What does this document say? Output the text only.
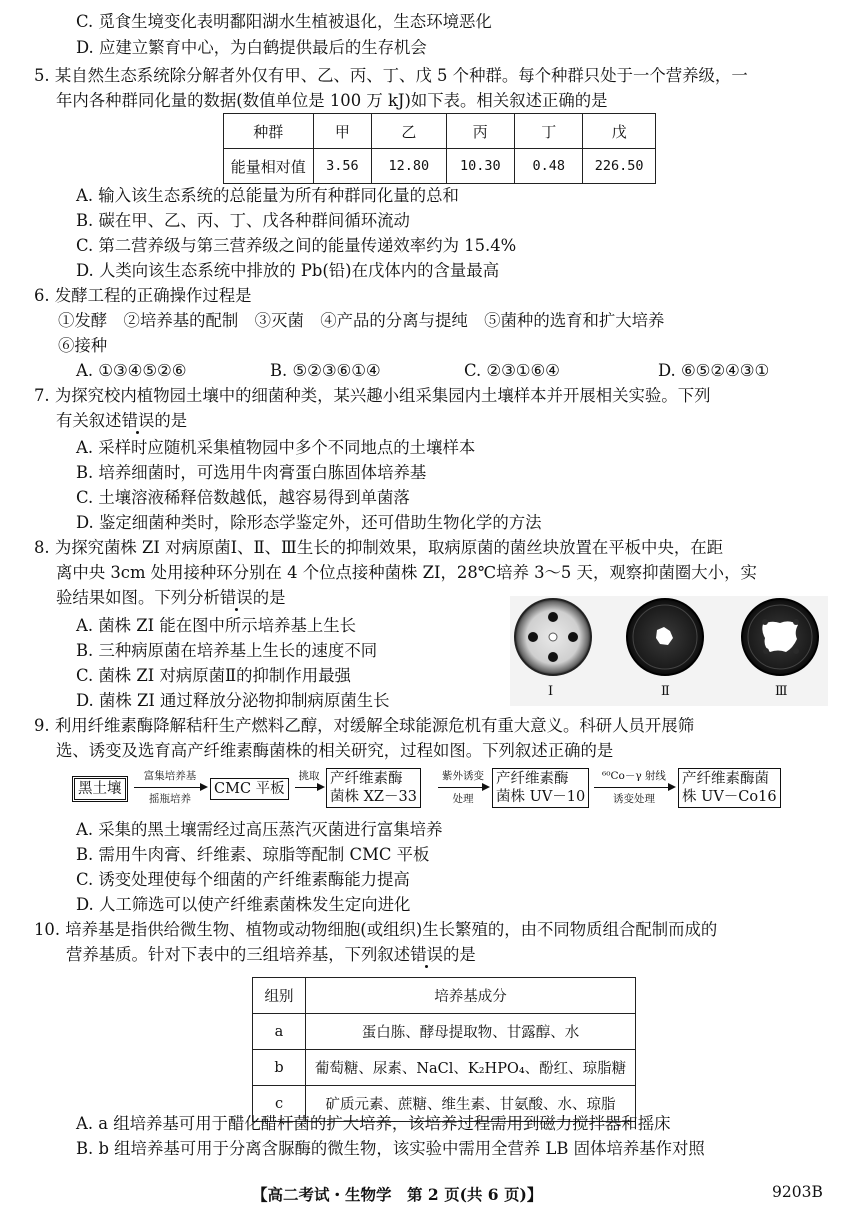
C. 觅食生境变化表明鄱阳湖水生植被退化，生态环境恶化
D. 应建立繁育中心，为白鹤提供最后的生存机会
5. 某自然生态系统除分解者外仅有甲、乙、丙、丁、戊 5 个种群。每个种群只处于一个营养级，一
年内各种群同化量的数据(数值单位是 100 万 kJ)如下表。相关叙述正确的是
种群	甲	乙	丙	丁	戊
能量相对值	3.56	12.80	10.30	0.48	226.50
A. 输入该生态系统的总能量为所有种群同化量的总和
B. 碳在甲、乙、丙、丁、戊各种群间循环流动
C. 第二营养级与第三营养级之间的能量传递效率约为 15.4%
D. 人类向该生态系统中排放的 Pb(铅)在戊体内的含量最高
6. 发酵工程的正确操作过程是
①发酵　②培养基的配制　③灭菌　④产品的分离与提纯　⑤菌种的选育和扩大培养
⑥接种
A. ①③④⑤②⑥	B. ⑤②③⑥①④	C. ②③①⑥④	D. ⑥⑤②④③①
7. 为探究校内植物园土壤中的细菌种类，某兴趣小组采集园内土壤样本并开展相关实验。下列
有关叙述错误的是
A. 采样时应随机采集植物园中多个不同地点的土壤样本
B. 培养细菌时，可选用牛肉膏蛋白胨固体培养基
C. 土壤溶液稀释倍数越低，越容易得到单菌落
D. 鉴定细菌种类时，除形态学鉴定外，还可借助生物化学的方法
8. 为探究菌株 ZI 对病原菌Ⅰ、Ⅱ、Ⅲ生长的抑制效果，取病原菌的菌丝块放置在平板中央，在距
离中央 3cm 处用接种环分别在 4 个位点接种菌株 ZI，28℃培养 3～5 天，观察抑菌圈大小，实
验结果如图。下列分析错误的是
A. 菌株 ZI 能在图中所示培养基上生长
B. 三种病原菌在培养基上生长的速度不同
C. 菌株 ZI 对病原菌Ⅱ的抑制作用最强
D. 菌株 ZI 通过释放分泌物抑制病原菌生长	Ⅰ	Ⅱ	Ⅲ
9. 利用纤维素酶降解秸秆生产燃料乙醇，对缓解全球能源危机有重大意义。科研人员开展筛
选、诱变及选育高产纤维素酶菌株的相关研究，过程如图。下列叙述正确的是
黑土壤
富集培养基
摇瓶培养
CMC 平板
挑取 产纤维素酶
菌株 XZ－33
紫外诱变
处理
产纤维素酶
菌株 UV－10
⁶⁰Co－γ 射线
诱变处理
产纤维素酶菌
株 UV－Co16
A. 采集的黑土壤需经过高压蒸汽灭菌进行富集培养
B. 需用牛肉膏、纤维素、琼脂等配制 CMC 平板
C. 诱变处理使每个细菌的产纤维素酶能力提高
D. 人工筛选可以使产纤维素菌株发生定向进化
10. 培养基是指供给微生物、植物或动物细胞(或组织)生长繁殖的，由不同物质组合配制而成的
营养基质。针对下表中的三组培养基，下列叙述错误的是
组别	培养基成分
a	蛋白胨、酵母提取物、甘露醇、水
b	葡萄糖、尿素、NaCl、K₂HPO₄、酚红、琼脂糖
c	矿质元素、蔗糖、维生素、甘氨酸、水、琼脂
A. a 组培养基可用于醋化醋杆菌的扩大培养，该培养过程需用到磁力搅拌器和摇床
B. b 组培养基可用于分离含脲酶的微生物，该实验中需用全营养 LB 固体培养基作对照
【高二考试・生物学　第 2 页(共 6 页)】	9203B
